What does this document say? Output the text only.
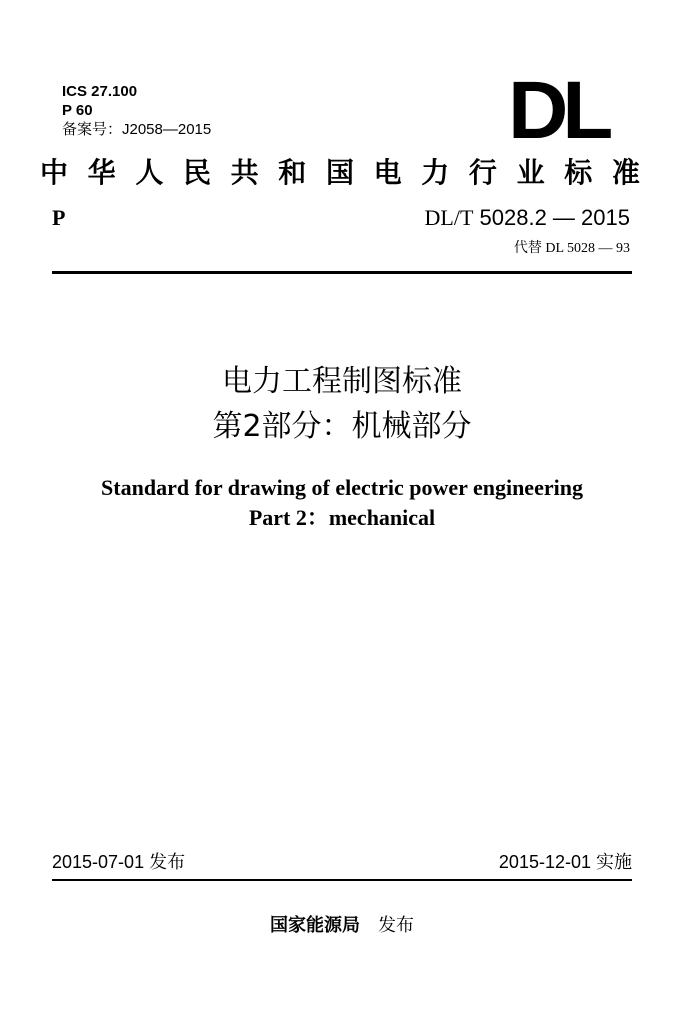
ICS 27.100
P 60
备案号：J2058—2015	DL
中 华 人 民 共 和 国 电 力 行 业 标 准
P	DL/T 5028.2 — 2015
代替 DL 5028 — 93
电力工程制图标准
第2部分：机械部分
Standard for drawing of electric power engineering
Part 2：mechanical
2015-07-01 发布	2015-12-01 实施
国家能源局 发布
